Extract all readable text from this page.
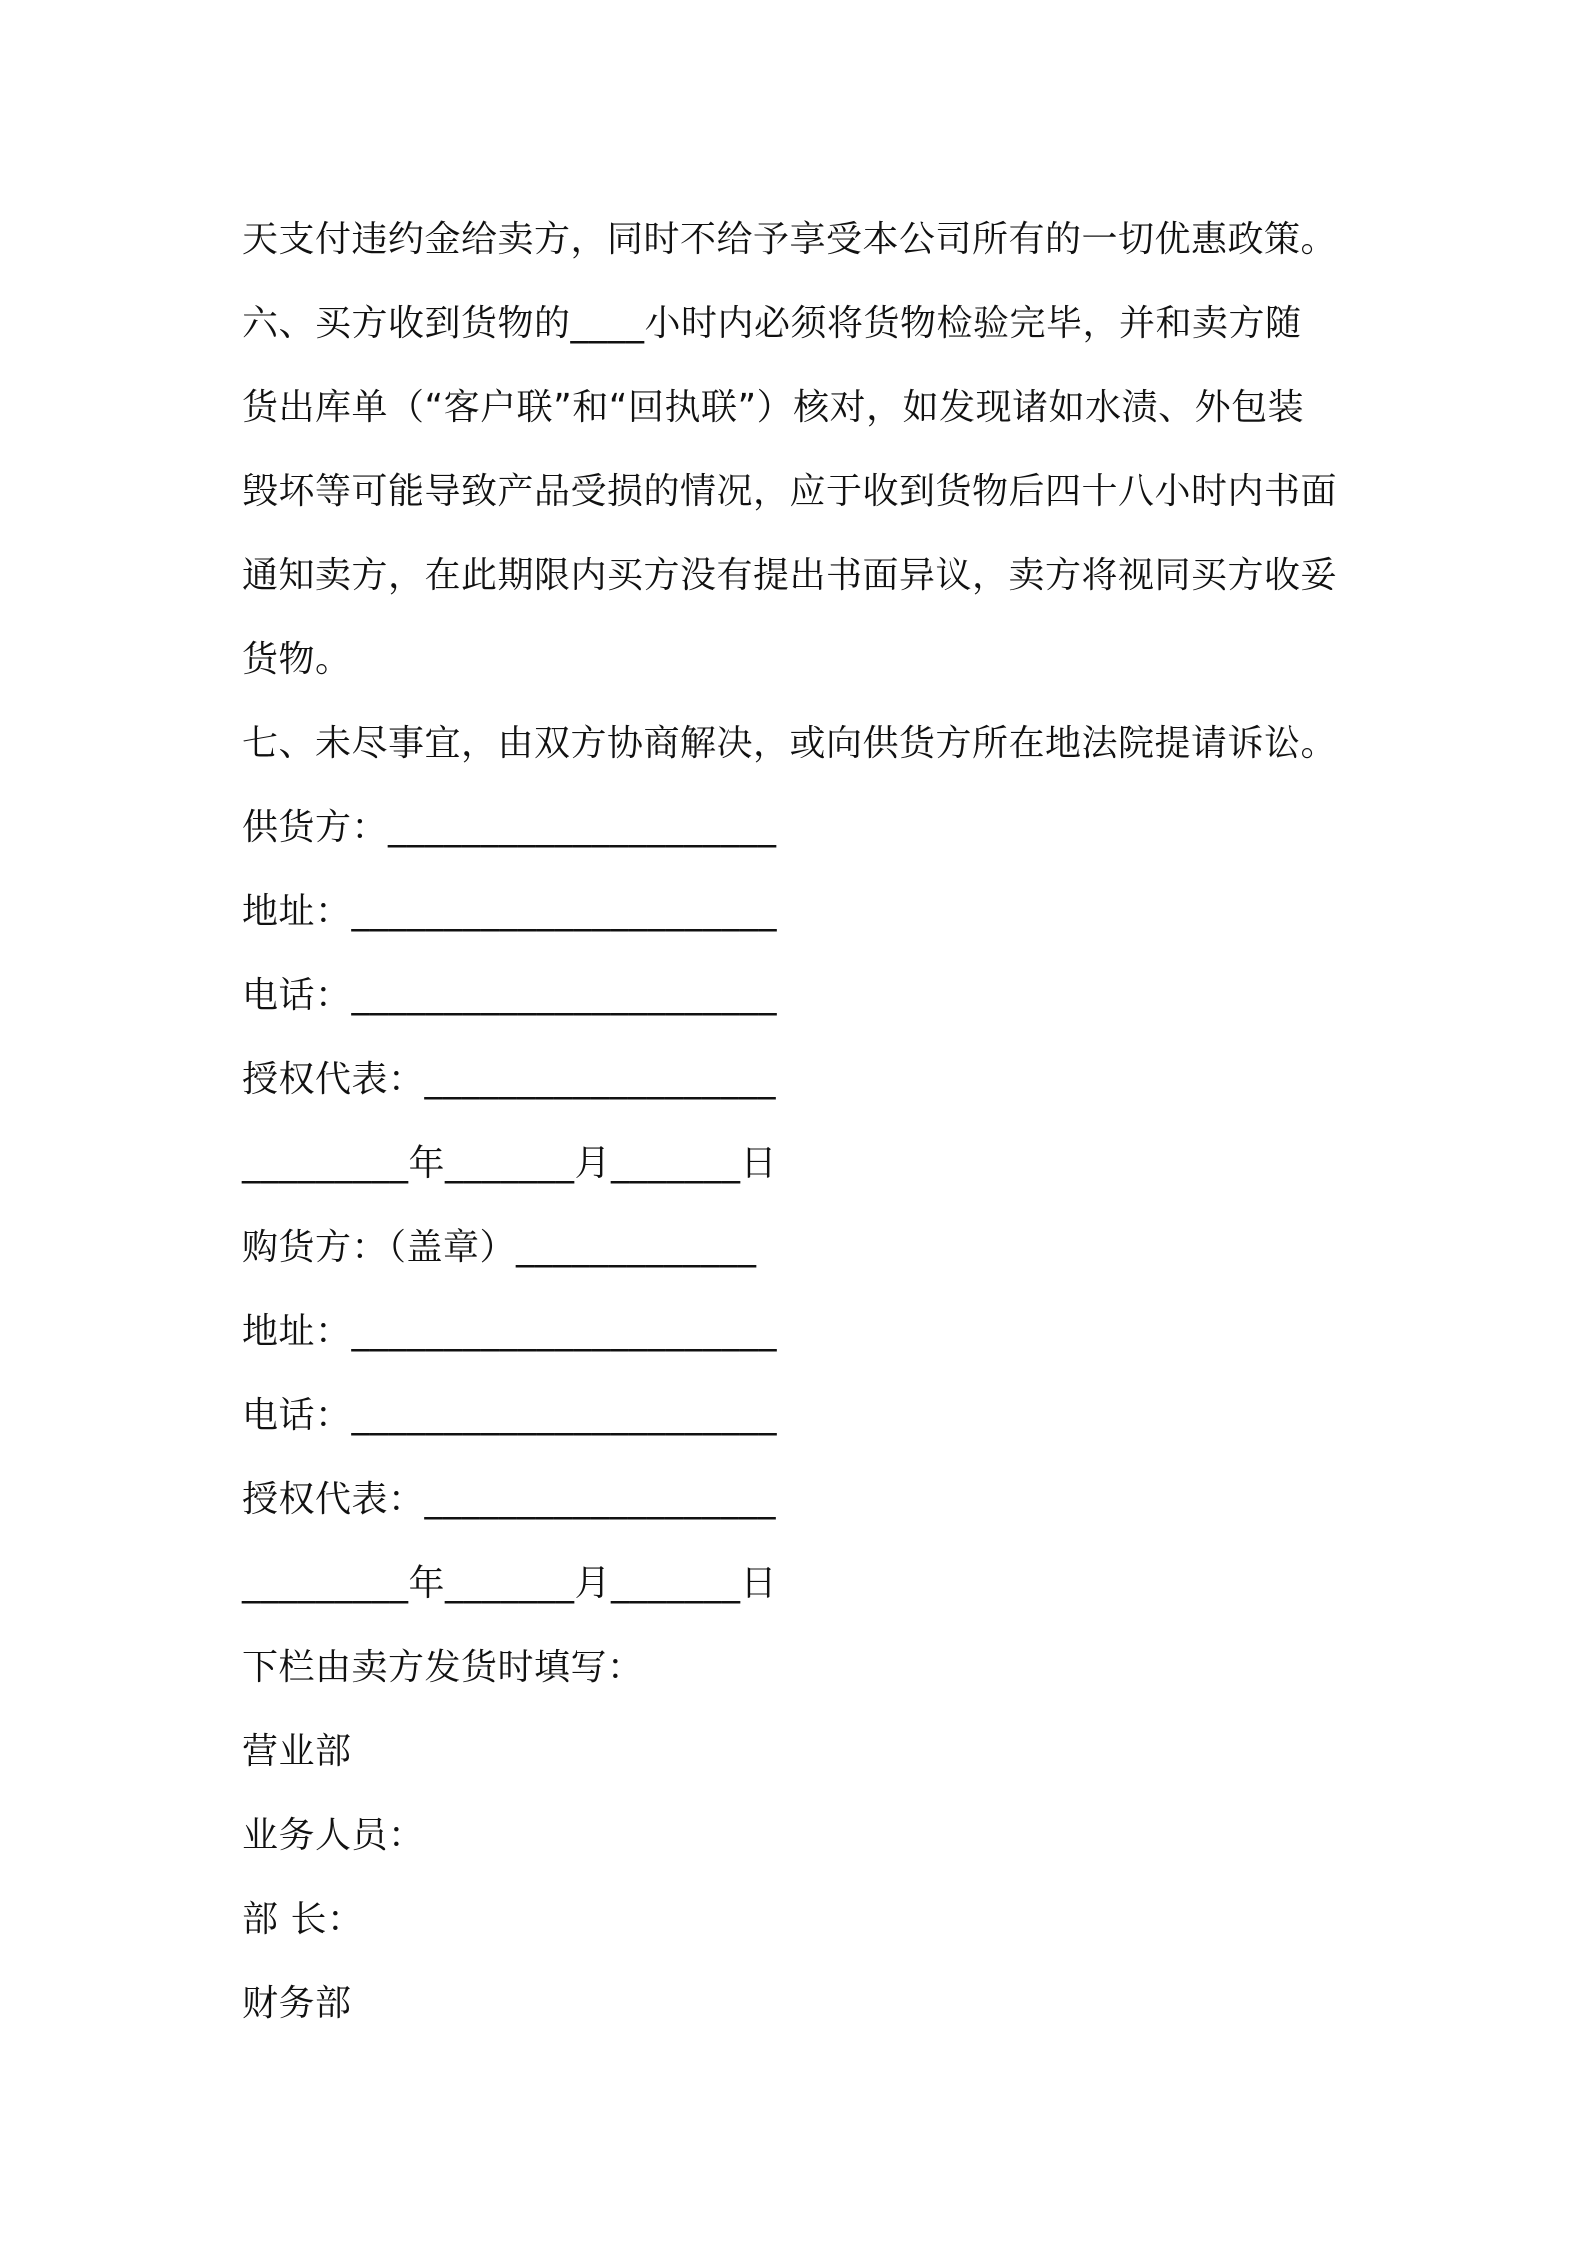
天支付违约金给卖方，同时不给予享受本公司所有的一切优惠政策。
六、买方收到货物的____小时内必须将货物检验完毕，并和卖方随
货出库单（“客户联”和“回执联”）核对，如发现诸如水渍、外包装
毁坏等可能导致产品受损的情况，应于收到货物后四十八小时内书面
通知卖方，在此期限内买方没有提出书面异议，卖方将视同买方收妥
货物。
七、未尽事宜，由双方协商解决，或向供货方所在地法院提请诉讼。
供货方：_____________________
地址：_______________________
电话：_______________________
授权代表：___________________
_________年_______月_______日
购货方：（盖章）_____________
地址：_______________________
电话：_______________________
授权代表：___________________
_________年_______月_______日
下栏由卖方发货时填写：
营业部
业务人员：
部 长：
财务部
